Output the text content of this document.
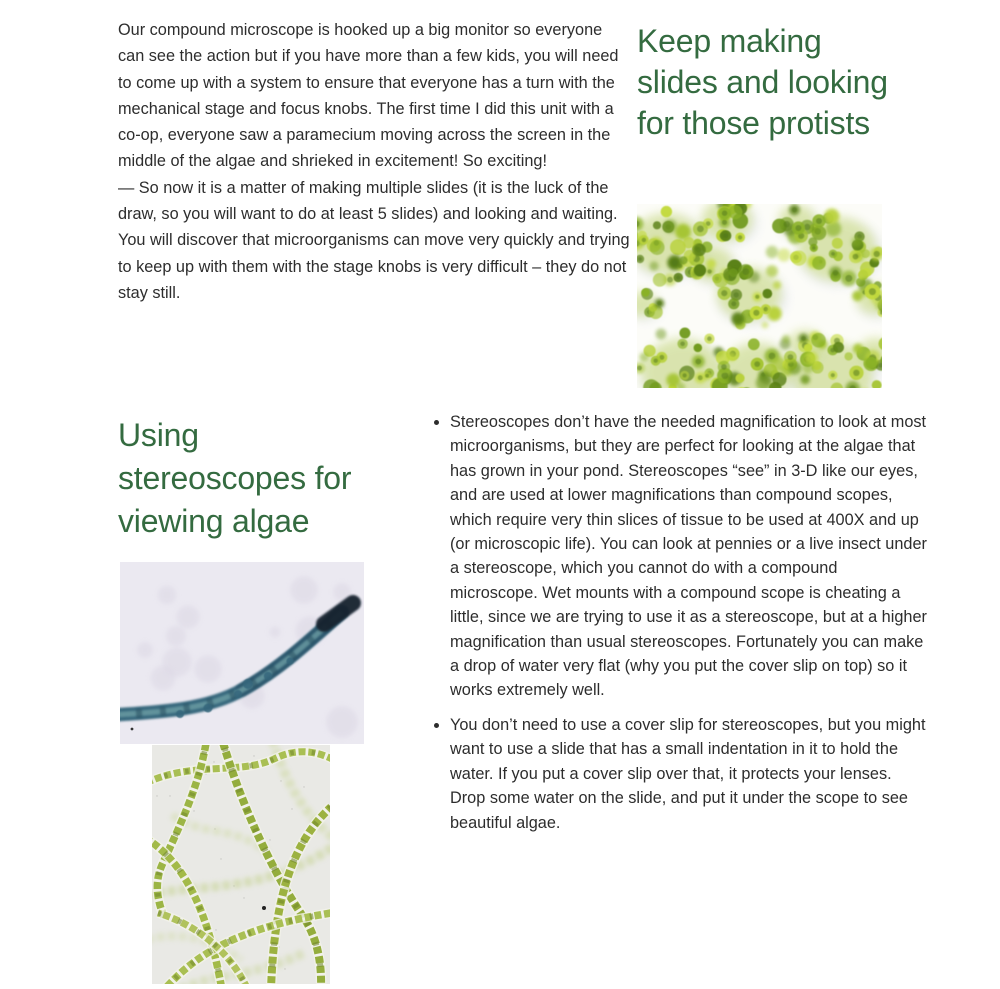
Our compound microscope is hooked up a big monitor so everyone can see the action but if you have more than a few kids, you will need to come up with a system to ensure that everyone has a turn with the mechanical stage and focus knobs. The first time I did this unit with a co-op, everyone saw a paramecium moving across the screen in the middle of the algae and shrieked in excitement! So exciting!

— So now it is a matter of making multiple slides (it is the luck of the draw, so you will want to do at least 5 slides) and looking and waiting. You will discover that microorganisms can move very quickly and trying to keep up with them with the stage knobs is very difficult – they do not stay still.

Keep making slides and looking for those protists
Using stereoscopes for viewing algae
• Stereoscopes don’t have the needed magnification to look at most microorganisms, but they are perfect for looking at the algae that has grown in your pond. Stereoscopes “see” in 3-D like our eyes, and are used at lower magnifications than compound scopes, which require very thin slices of tissue to be used at 400X and up (or microscopic life). You can look at pennies or a live insect under a stereoscope, which you cannot do with a compound microscope. Wet mounts with a compound scope is cheating a little, since we are trying to use it as a stereoscope, but at a higher magnification than usual stereoscopes. Fortunately you can make a drop of water very flat (why you put the cover slip on top) so it works extremely well.
• You don’t need to use a cover slip for stereoscopes, but you might want to use a slide that has a small indentation in it to hold the water. If you put a cover slip over that, it protects your lenses. Drop some water on the slide, and put it under the scope to see beautiful algae.
